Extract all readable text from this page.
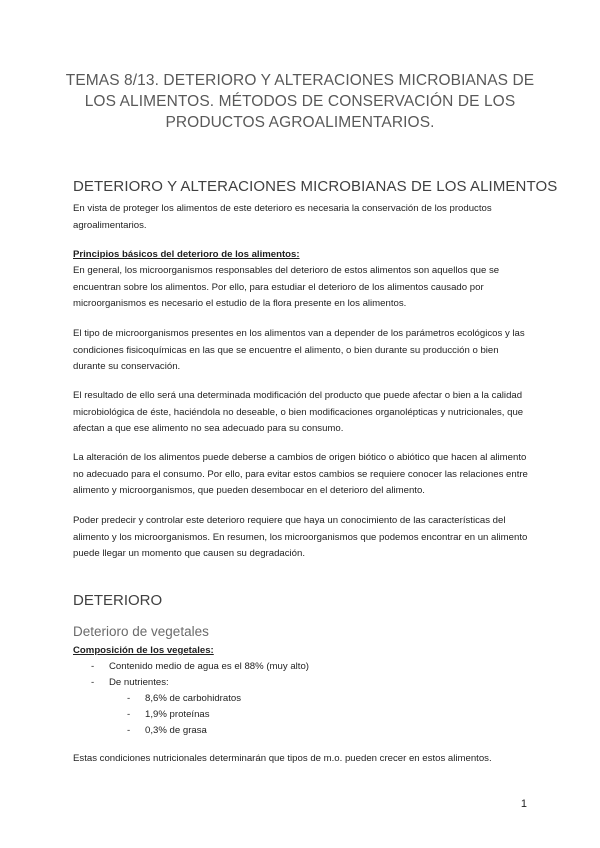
TEMAS 8/13. DETERIORO Y ALTERACIONES MICROBIANAS DE LOS ALIMENTOS. MÉTODOS DE CONSERVACIÓN DE LOS PRODUCTOS AGROALIMENTARIOS.
DETERIORO Y ALTERACIONES MICROBIANAS DE LOS ALIMENTOS
En vista de proteger los alimentos de este deterioro es necesaria la conservación de los productos agroalimentarios.
Principios básicos del deterioro de los alimentos:
En general, los microorganismos responsables del deterioro de estos alimentos son aquellos que se encuentran sobre los alimentos. Por ello, para estudiar el deterioro de los alimentos causado por microorganismos es necesario el estudio de la flora presente en los alimentos.
El tipo de microorganismos presentes en los alimentos van a depender de los parámetros ecológicos y las condiciones fisicoquímicas en las que se encuentre el alimento, o bien durante su producción o bien durante su conservación.
El resultado de ello será una determinada modificación del producto que puede afectar o bien a la calidad microbiológica de éste, haciéndola no deseable, o bien modificaciones organolépticas y nutricionales, que afectan a que ese alimento no sea adecuado para su consumo.
La alteración de los alimentos puede deberse a cambios de origen biótico o abiótico que hacen al alimento no adecuado para el consumo. Por ello, para evitar estos cambios se requiere conocer las relaciones entre alimento y microorganismos, que pueden desembocar en el deterioro del alimento.
Poder predecir y controlar este deterioro requiere que haya un conocimiento de las características del alimento y los microorganismos. En resumen, los microorganismos que podemos encontrar en un alimento puede llegar un momento que causen su degradación.
DETERIORO
Deterioro de vegetales
Composición de los vegetales:
- Contenido medio de agua es el 88% (muy alto)
- De nutrientes:
- 8,6% de carbohidratos
- 1,9% proteínas
- 0,3% de grasa
Estas condiciones nutricionales determinarán que tipos de m.o. pueden crecer en estos alimentos.
1
